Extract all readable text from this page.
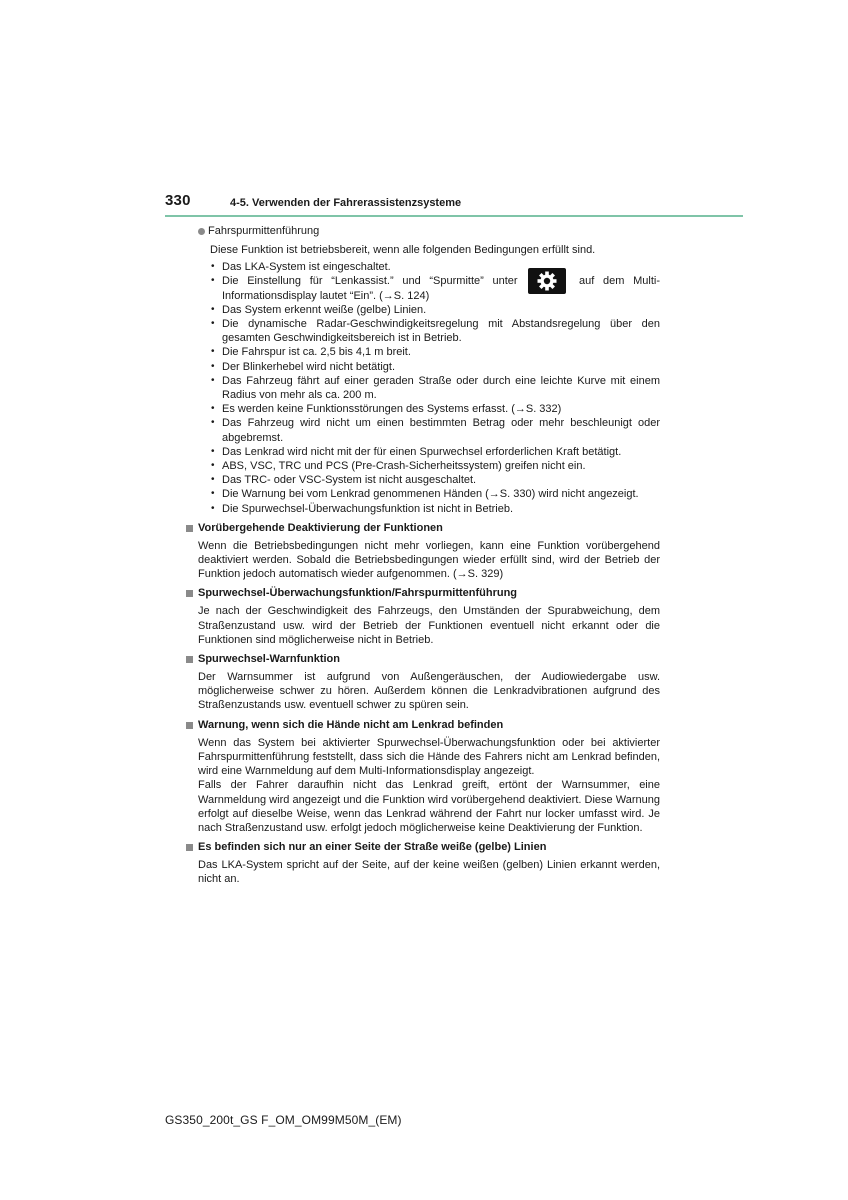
330	4-5. Verwenden der Fahrerassistenzsysteme
Fahrspurmittenführung
Diese Funktion ist betriebsbereit, wenn alle folgenden Bedingungen erfüllt sind.
• Das LKA-System ist eingeschaltet.
• Die Einstellung für “Lenkassist.” und “Spurmitte” unter	auf dem Multi-Informationsdisplay lautet “Ein”. (→S. 124)
• Das System erkennt weiße (gelbe) Linien.
• Die dynamische Radar-Geschwindigkeitsregelung mit Abstandsregelung über den gesamten Geschwindigkeitsbereich ist in Betrieb.
• Die Fahrspur ist ca. 2,5 bis 4,1 m breit.
• Der Blinkerhebel wird nicht betätigt.
• Das Fahrzeug fährt auf einer geraden Straße oder durch eine leichte Kurve mit einem Radius von mehr als ca. 200 m.
• Es werden keine Funktionsstörungen des Systems erfasst. (→S. 332)
• Das Fahrzeug wird nicht um einen bestimmten Betrag oder mehr beschleunigt oder abgebremst.
• Das Lenkrad wird nicht mit der für einen Spurwechsel erforderlichen Kraft betätigt.
• ABS, VSC, TRC und PCS (Pre-Crash-Sicherheitssystem) greifen nicht ein.
• Das TRC- oder VSC-System ist nicht ausgeschaltet.
• Die Warnung bei vom Lenkrad genommenen Händen (→S. 330) wird nicht angezeigt.
• Die Spurwechsel-Überwachungsfunktion ist nicht in Betrieb.
Vorübergehende Deaktivierung der Funktionen
Wenn die Betriebsbedingungen nicht mehr vorliegen, kann eine Funktion vorübergehend deaktiviert werden. Sobald die Betriebsbedingungen wieder erfüllt sind, wird der Betrieb der Funktion jedoch automatisch wieder aufgenommen. (→S. 329)
Spurwechsel-Überwachungsfunktion/Fahrspurmittenführung
Je nach der Geschwindigkeit des Fahrzeugs, den Umständen der Spurabweichung, dem Straßenzustand usw. wird der Betrieb der Funktionen eventuell nicht erkannt oder die Funktionen sind möglicherweise nicht in Betrieb.
Spurwechsel-Warnfunktion
Der Warnsummer ist aufgrund von Außengeräuschen, der Audiowiedergabe usw. möglicherweise schwer zu hören. Außerdem können die Lenkradvibrationen aufgrund des Straßenzustands usw. eventuell schwer zu spüren sein.
Warnung, wenn sich die Hände nicht am Lenkrad befinden
Wenn das System bei aktivierter Spurwechsel-Überwachungsfunktion oder bei aktivierter Fahrspurmittenführung feststellt, dass sich die Hände des Fahrers nicht am Lenkrad befinden, wird eine Warnmeldung auf dem Multi-Informationsdisplay angezeigt.
Falls der Fahrer daraufhin nicht das Lenkrad greift, ertönt der Warnsummer, eine Warnmeldung wird angezeigt und die Funktion wird vorübergehend deaktiviert. Diese Warnung erfolgt auf dieselbe Weise, wenn das Lenkrad während der Fahrt nur locker umfasst wird. Je nach Straßenzustand usw. erfolgt jedoch möglicherweise keine Deaktivierung der Funktion.
Es befinden sich nur an einer Seite der Straße weiße (gelbe) Linien
Das LKA-System spricht auf der Seite, auf der keine weißen (gelben) Linien erkannt werden, nicht an.
GS350_200t_GS F_OM_OM99M50M_(EM)
